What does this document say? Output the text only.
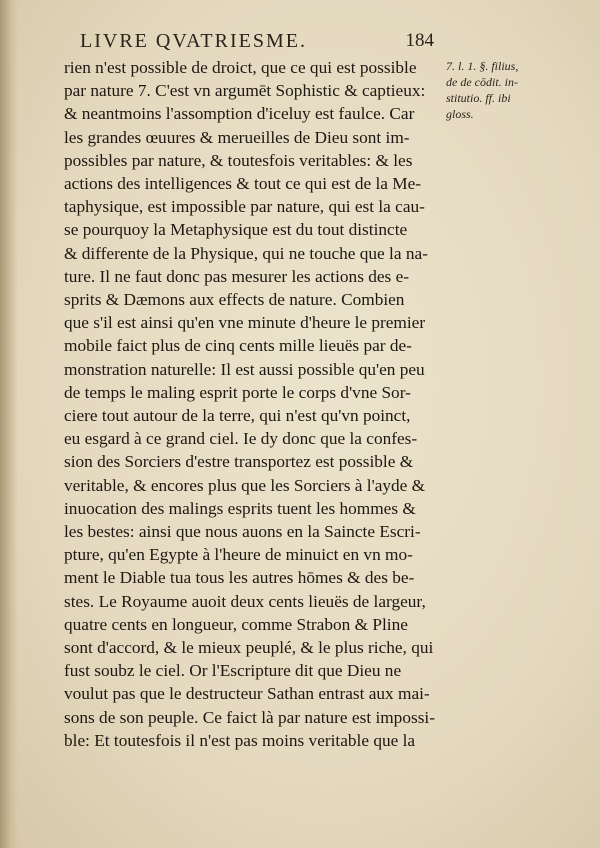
LIVRE QVATRIESME.	184
rien n'est possible de droict, que ce qui est possible
par nature 7. C'est vn argumēt Sophistic & captieux:
& neantmoins l'assomption d'iceluy est faulce. Car
les grandes œuures & merueilles de Dieu sont im-
possibles par nature, & toutesfois veritables: & les
actions des intelligences & tout ce qui est de la Me-
taphysique, est impossible par nature, qui est la cau-
se pourquoy la Metaphysique est du tout distincte
& differente de la Physique, qui ne touche que la na-
ture. Il ne faut donc pas mesurer les actions des e-
sprits & Dæmons aux effects de nature. Combien
que s'il est ainsi qu'en vne minute d'heure le premier
mobile faict plus de cinq cents mille lieuës par de-
monstration naturelle: Il est aussi possible qu'en peu
de temps le maling esprit porte le corps d'vne Sor-
ciere tout autour de la terre, qui n'est qu'vn poinct,
eu esgard à ce grand ciel. Ie dy donc que la confes-
sion des Sorciers d'estre transportez est possible &
veritable, & encores plus que les Sorciers à l'ayde &
inuocation des malings esprits tuent les hommes &
les bestes: ainsi que nous auons en la Saincte Escri-
pture, qu'en Egypte à l'heure de minuict en vn mo-
ment le Diable tua tous les autres hōmes & des be-
stes. Le Royaume auoit deux cents lieuës de largeur,
quatre cents en longueur, comme Strabon & Pline
sont d'accord, & le mieux peuplé, & le plus riche, qui
fust soubz le ciel. Or l'Escripture dit que Dieu ne
voulut pas que le destructeur Sathan entrast aux mai-
sons de son peuple. Ce faict là par nature est impossi-
ble: Et toutesfois il n'est pas moins veritable que la
7. l. 1. §. filius,
de de cōdit. in-
stitutio. ff. ibi
gloss.
